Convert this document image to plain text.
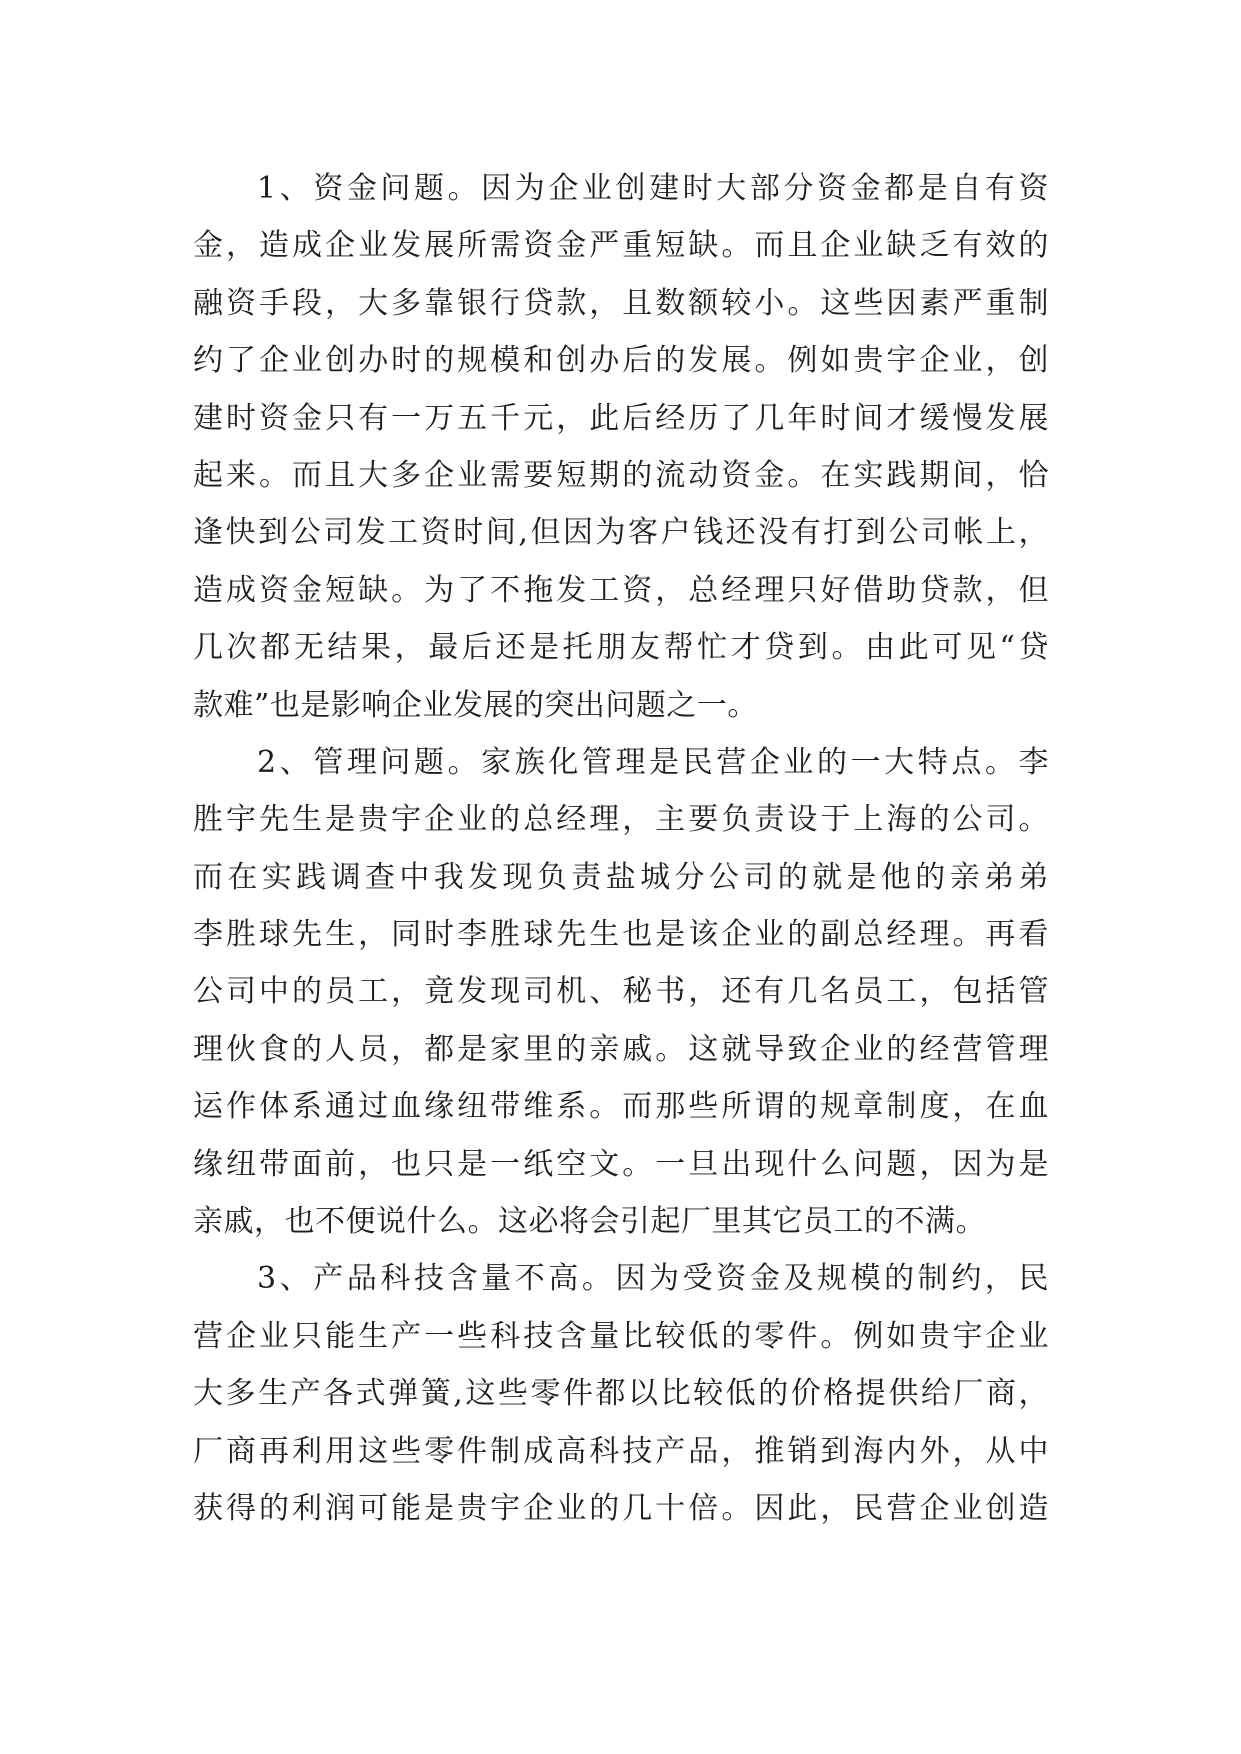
1、资金问题。因为企业创建时大部分资金都是自有资
金，造成企业发展所需资金严重短缺。而且企业缺乏有效的
融资手段，大多靠银行贷款，且数额较小。这些因素严重制
约了企业创办时的规模和创办后的发展。例如贵宇企业，创
建时资金只有一万五千元，此后经历了几年时间才缓慢发展
起来。而且大多企业需要短期的流动资金。在实践期间，恰
逢快到公司发工资时间,但因为客户钱还没有打到公司帐上，
造成资金短缺。为了不拖发工资，总经理只好借助贷款，但
几次都无结果，最后还是托朋友帮忙才贷到。由此可见“贷
款难”也是影响企业发展的突出问题之一。
2、管理问题。家族化管理是民营企业的一大特点。李
胜宇先生是贵宇企业的总经理，主要负责设于上海的公司。
而在实践调查中我发现负责盐城分公司的就是他的亲弟弟
李胜球先生，同时李胜球先生也是该企业的副总经理。再看
公司中的员工，竟发现司机、秘书，还有几名员工，包括管
理伙食的人员，都是家里的亲戚。这就导致企业的经营管理
运作体系通过血缘纽带维系。而那些所谓的规章制度，在血
缘纽带面前，也只是一纸空文。一旦出现什么问题，因为是
亲戚，也不便说什么。这必将会引起厂里其它员工的不满。
3、产品科技含量不高。因为受资金及规模的制约，民
营企业只能生产一些科技含量比较低的零件。例如贵宇企业
大多生产各式弹簧,这些零件都以比较低的价格提供给厂商，
厂商再利用这些零件制成高科技产品，推销到海内外，从中
获得的利润可能是贵宇企业的几十倍。因此，民营企业创造
